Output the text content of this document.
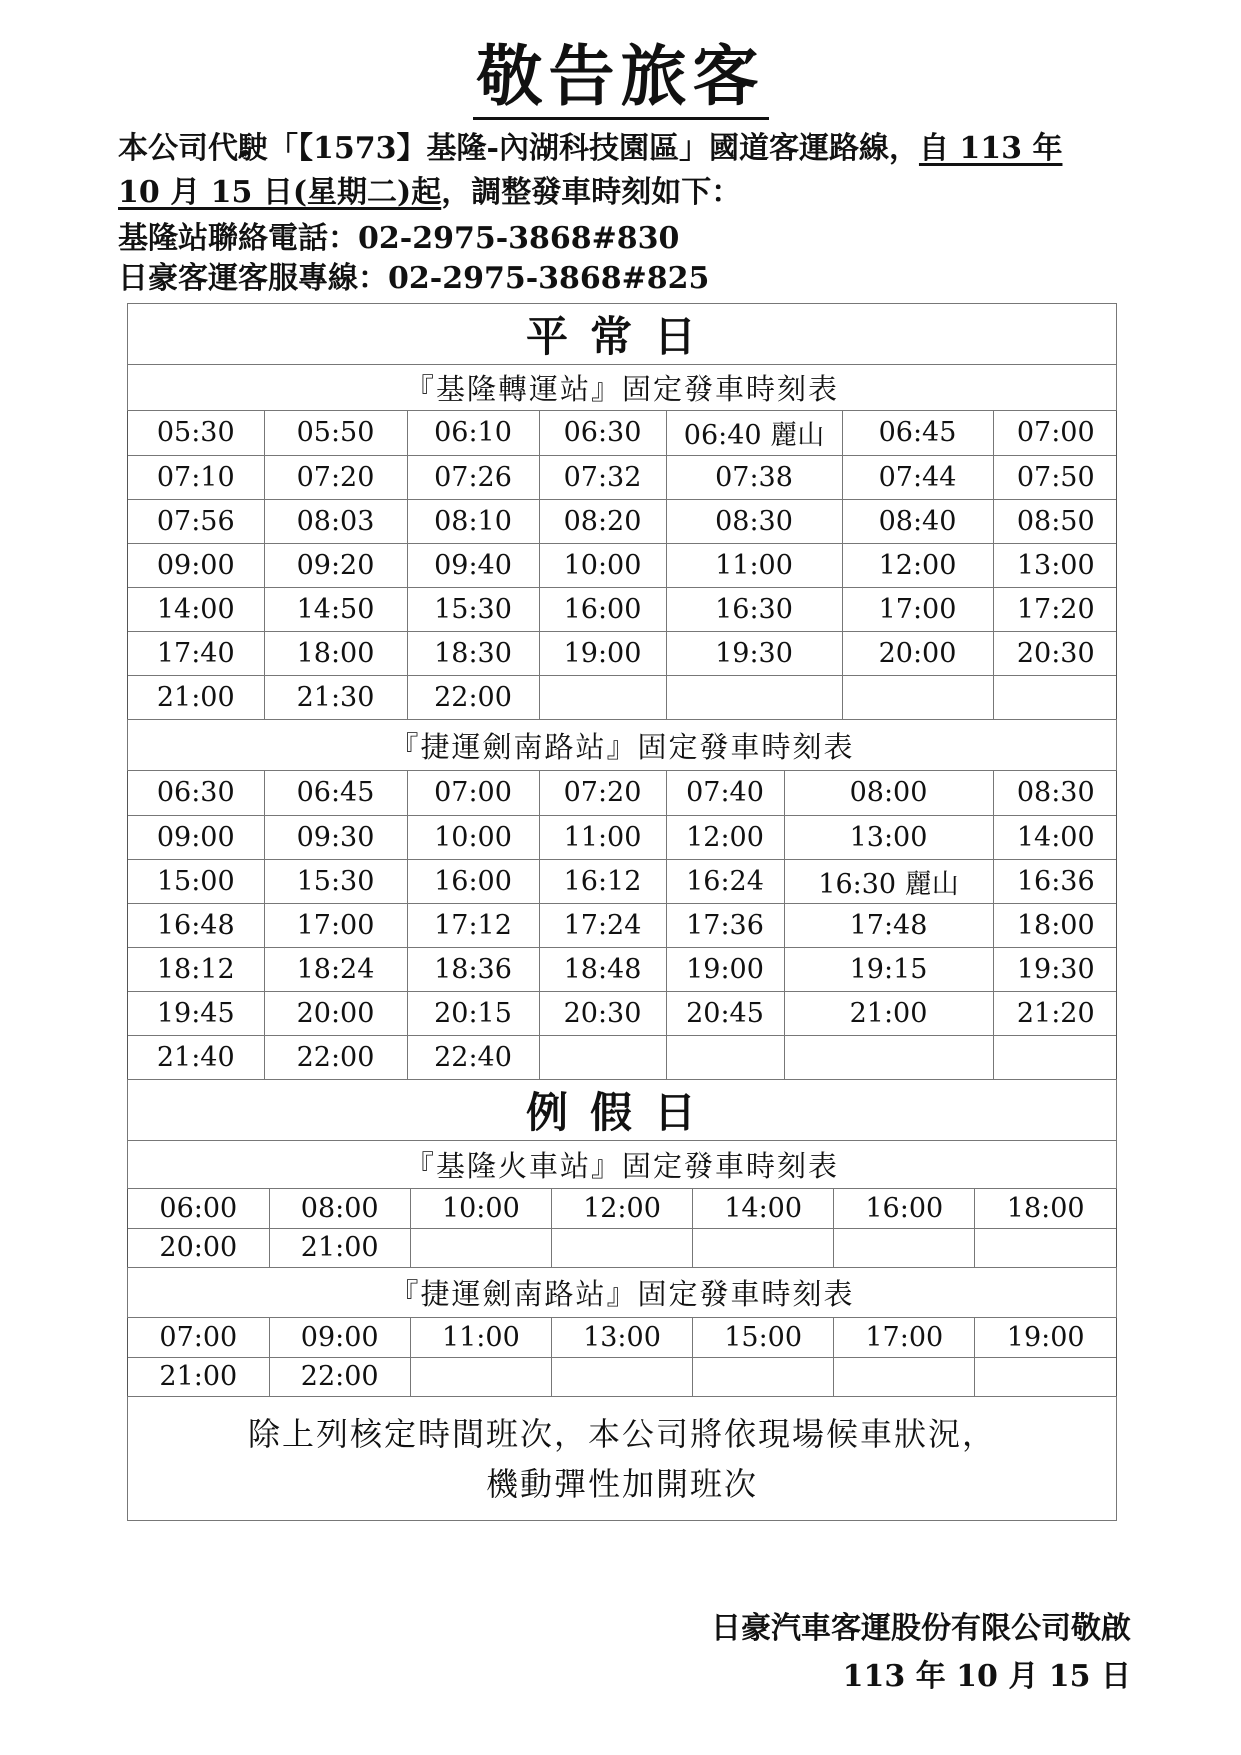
敬告旅客
本公司代駛「【1573】基隆-內湖科技園區」國道客運路線，自 113 年
10 月 15 日(星期二)起，調整發車時刻如下：
基隆站聯絡電話：02-2975-3868#830
日豪客運客服專線：02-2975-3868#825
平常日
『基隆轉運站』固定發車時刻表

05:30	05:50	06:10	06:30	06:40 麗山	06:45	07:00
07:10	07:20	07:26	07:32	07:38	07:44	07:50
07:56	08:03	08:10	08:20	08:30	08:40	08:50
09:00	09:20	09:40	10:00	11:00	12:00	13:00
14:00	14:50	15:30	16:00	16:30	17:00	17:20
17:40	18:00	18:30	19:00	19:30	20:00	20:30
21:00	21:30	22:00				

『捷運劍南路站』固定發車時刻表

06:30	06:45	07:00	07:20	07:40	08:00	08:30
09:00	09:30	10:00	11:00	12:00	13:00	14:00
15:00	15:30	16:00	16:12	16:24	16:30 麗山	16:36
16:48	17:00	17:12	17:24	17:36	17:48	18:00
18:12	18:24	18:36	18:48	19:00	19:15	19:30
19:45	20:00	20:15	20:30	20:45	21:00	21:20
21:40	22:00	22:40				

例假日
『基隆火車站』固定發車時刻表

06:00	08:00	10:00	12:00	14:00	16:00	18:00
20:00	21:00					

『捷運劍南路站』固定發車時刻表

07:00	09:00	11:00	13:00	15:00	17:00	19:00
21:00	22:00					

除上列核定時間班次，本公司將依現場候車狀況，
機動彈性加開班次
日豪汽車客運股份有限公司敬啟
113 年 10 月 15 日
